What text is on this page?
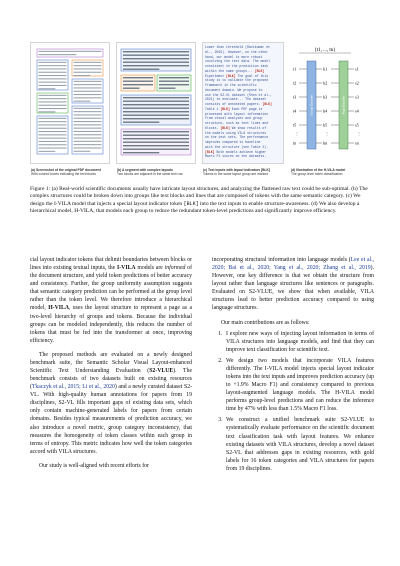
(a) Screenshot of the original PDF document
With colored boxes indicating the text blocks
(b) A segment with complex layouts
Two blocks are adjacent in the same text row
Lower than threshold (Ravikumar et
al., 2019). However, on the other
hand, our model is more robust
involving the text data. The model
consistent in the prediction task
within the same groups... [BLK]
Experiment [BLK] The goal of this
study is to validate the proposed
framework in the scientific
document domain. We propose to
use the S2-VL dataset (Shen et al.,
2021) to evaluate... The dataset
consists of annotated papers. [BLK]
Table 1 [BLK] Each PDF page is
processed with layout information
from visual analyses and group
structure, such as text lines and
blocks. [BLK] We show results of
the models using VILA structures
on the test sets. The performance
improves compared to baseline
with the structure (see Table 2).
[BLK] Both models achieve higher
Macro F1 scores on the datasets.
(c) Text inputs with layout indicators [BLK]
Tokens in the same layout group are marked
{t1, ..., tn}
Group Encoder	Page Encoder
t1	h1	s1
t2	h2	s2
t3	h3	s3
t4	h4	s4
t5	h5	s5
tn	hn	sn
⋮	⋮	⋮
(d) Illustration of the H-VILA model
The group-level token classification
Figure 1: (a) Real-world scientific documents usually have intricate layout structures, and analyzing the flattened raw text could be sub-optimal. (b) The complex structures could be broken down into groups like text blocks and lines that are composed of tokens with the same semantic category. (c) We design the I-VILA model that injects a special layout indicator token [BLK] into the text inputs to enable structure-awareness. (d) We also develop a hierarchical model, H-VILA, that models each group to reduce the redundant token-level predictions and significantly improve efficiency.

cial layout indicator tokens that delimit boundaries between blocks or lines into existing textual inputs, the I-VILA models are informed of the document structure, and yield token predictions of better accuracy and consistency. Further, the group uniformity assumption suggests that semantic category prediction can be performed at the group level rather than the token level. We therefore introduce a hierarchical model, H-VILA, uses the layout structure to represent a page as a two-level hierarchy of groups and tokens. Because the individual groups can be modeled independently, this reduces the number of tokens that must be fed into the transformer at once, improving efficiency.

The proposed methods are evaluated on a newly designed benchmark suite, the Semantic Scholar Visual Layout-enhanced Scientific Text Understanding Evaluation (S2-VLUE). The benchmark consists of two datasets built on existing resources (Tkaczyk et al., 2015; Li et al., 2020) and a newly curated dataset S2-VL. With high-quality human annotations for papers from 19 disciplines, S2-VL fills important gaps of existing data sets, which only contain machine-generated labels for papers from certain domains. Besides typical measurements of prediction accuracy, we also introduce a novel metric, group category inconsistency, that measures the homogeneity of token classes within each group in terms of entropy. This metric indicates how well the token categories accord with VILA structures.

Our study is well-aligned with recent efforts for

incorporating structural information into language models (Lee et al., 2020; Bai et al., 2020; Yang et al., 2020; Zhang et al., 2019). However, one key difference is that we obtain the structure from layout rather than language structures like sentences or paragraphs. Evaluated on S2-VLUE, we show that when available, VILA structures lead to better prediction accuracy compared to using language structures.

Our main contributions are as follows:

1. I explore new ways of injecting layout information in terms of VILA structures into language models, and find that they can improve text classification for scientific text.
2. We design two models that incorporate VILA features differently. The I-VILA model injects special layout indicator tokens into the text inputs and improves prediction accuracy (up to +1.9% Macro F1) and consistency compared to previous layout-augmented language models. The H-VILA model performs group-level predictions and can reduce the inference time by 47% with less than 1.5% Macro F1 loss.
3. We construct a unified benchmark suite S2-VLUE to systematically evaluate performance on the scientific document text classification task with layout features. We enhance existing datasets with VILA structures, develop a novel dataset S2-VL that addresses gaps in existing resources, with gold labels for 16 token categories and VILA structures for papers from 19 disciplines.
